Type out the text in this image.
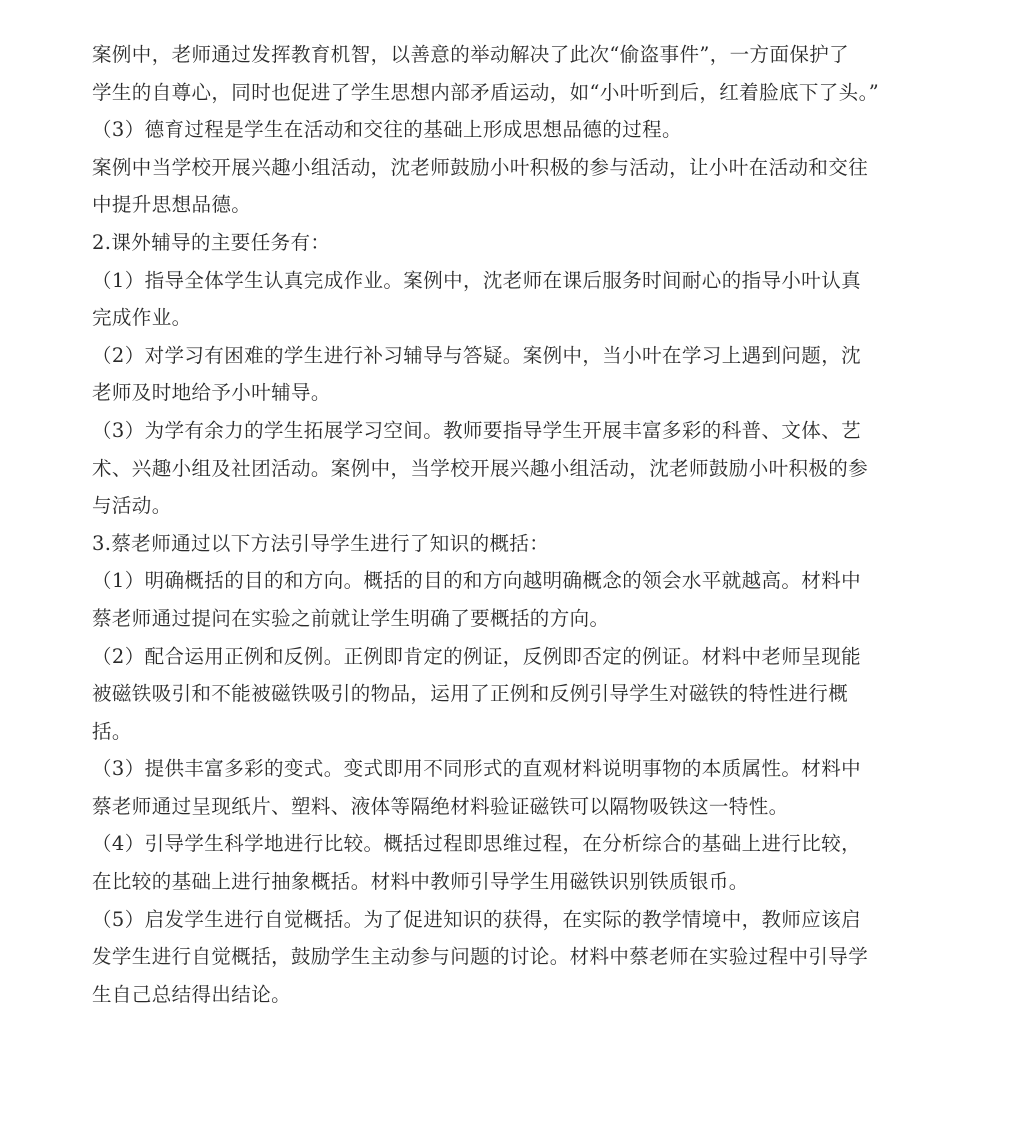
案例中，老师通过发挥教育机智，以善意的举动解决了此次“偷盗事件”，一方面保护了
学生的自尊心，同时也促进了学生思想内部矛盾运动，如“小叶听到后，红着脸底下了头。”
（3）德育过程是学生在活动和交往的基础上形成思想品德的过程。
案例中当学校开展兴趣小组活动，沈老师鼓励小叶积极的参与活动，让小叶在活动和交往
中提升思想品德。
2.课外辅导的主要任务有：
（1）指导全体学生认真完成作业。案例中，沈老师在课后服务时间耐心的指导小叶认真
完成作业。
（2）对学习有困难的学生进行补习辅导与答疑。案例中，当小叶在学习上遇到问题，沈
老师及时地给予小叶辅导。
（3）为学有余力的学生拓展学习空间。教师要指导学生开展丰富多彩的科普、文体、艺
术、兴趣小组及社团活动。案例中，当学校开展兴趣小组活动，沈老师鼓励小叶积极的参
与活动。
3.蔡老师通过以下方法引导学生进行了知识的概括：
（1）明确概括的目的和方向。概括的目的和方向越明确概念的领会水平就越高。材料中
蔡老师通过提问在实验之前就让学生明确了要概括的方向。
（2）配合运用正例和反例。正例即肯定的例证，反例即否定的例证。材料中老师呈现能
被磁铁吸引和不能被磁铁吸引的物品，运用了正例和反例引导学生对磁铁的特性进行概
括。
（3）提供丰富多彩的变式。变式即用不同形式的直观材料说明事物的本质属性。材料中
蔡老师通过呈现纸片、塑料、液体等隔绝材料验证磁铁可以隔物吸铁这一特性。
（4）引导学生科学地进行比较。概括过程即思维过程，在分析综合的基础上进行比较，
在比较的基础上进行抽象概括。材料中教师引导学生用磁铁识别铁质银币。
（5）启发学生进行自觉概括。为了促进知识的获得，在实际的教学情境中，教师应该启
发学生进行自觉概括，鼓励学生主动参与问题的讨论。材料中蔡老师在实验过程中引导学
生自己总结得出结论。
